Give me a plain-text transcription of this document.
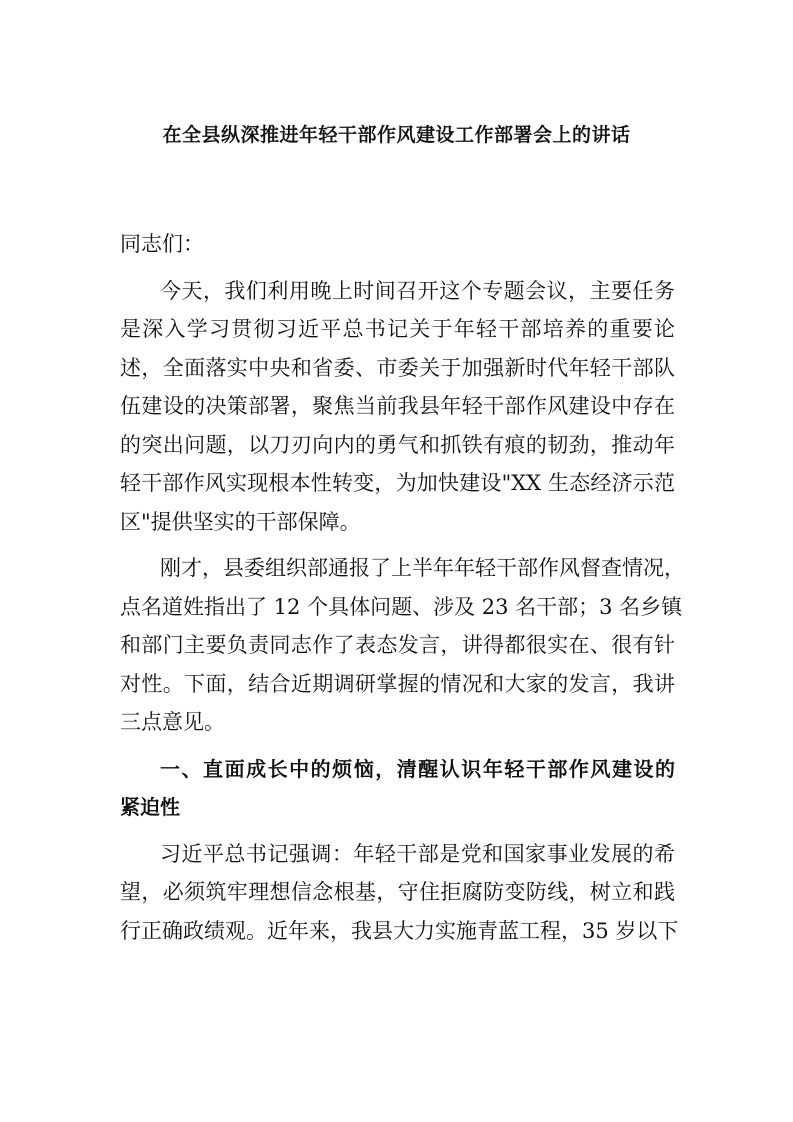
在全县纵深推进年轻干部作风建设工作部署会上的讲话
同志们：
今天，我们利用晚上时间召开这个专题会议，主要任务
是深入学习贯彻习近平总书记关于年轻干部培养的重要论
述，全面落实中央和省委、市委关于加强新时代年轻干部队
伍建设的决策部署，聚焦当前我县年轻干部作风建设中存在
的突出问题，以刀刃向内的勇气和抓铁有痕的韧劲，推动年
轻干部作风实现根本性转变，为加快建设"XX 生态经济示范
区"提供坚实的干部保障。
刚才，县委组织部通报了上半年年轻干部作风督查情况，
点名道姓指出了 12 个具体问题、涉及 23 名干部；3 名乡镇
和部门主要负责同志作了表态发言，讲得都很实在、很有针
对性。下面，结合近期调研掌握的情况和大家的发言，我讲
三点意见。
一、直面成长中的烦恼，清醒认识年轻干部作风建设的
紧迫性
习近平总书记强调：年轻干部是党和国家事业发展的希
望，必须筑牢理想信念根基，守住拒腐防变防线，树立和践
行正确政绩观。近年来，我县大力实施青蓝工程，35 岁以下
